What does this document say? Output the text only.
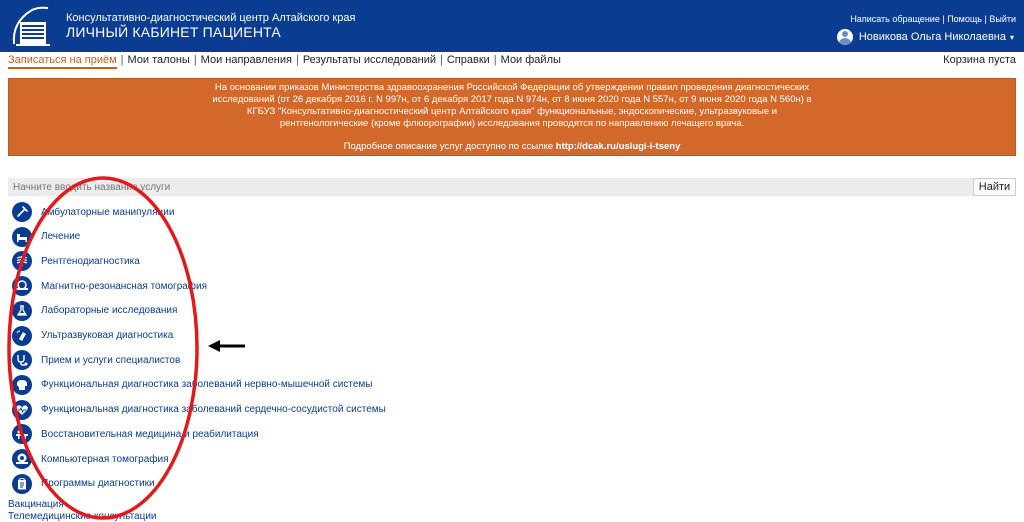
Консультативно-диагностический центр Алтайского края
ЛИЧНЫЙ КАБИНЕТ ПАЦИЕНТА
Написать обращение | Помощь | Выйти
Новикова Ольга Николаевна ▾
Записаться на приём | Мои талоны | Мои направления | Результаты исследований | Справки | Мои файлы	Корзина пуста
На основании приказов Министерства здравоохранения Российской Федерации об утверждении правил проведения диагностических
исследований (от 26 декабря 2016 г. N 997н, от 6 декабря 2017 года N 974н, от 8 июня 2020 года N 557н, от 9 июня 2020 года N 560н) в
КГБУЗ "Консультативно-диагностический центр Алтайского края" функциональные, эндоскопические, ультразвуковые и
рентгенологические (кроме флюорографии) исследования проводятся по направлению лечащего врача.
Подробное описание услуг доступно по ссылке http://dcak.ru/uslugi-i-tseny
Начните вводить название услуги
Найти
Амбулаторные манипуляции
Лечение
Рентгенодиагностика
Магнитно-резонансная томография
Лабораторные исследования
Ультразвуковая диагностика
Прием и услуги специалистов
Функциональная диагностика заболеваний нервно-мышечной системы
Функциональная диагностика заболеваний сердечно-сосудистой системы
Восстановительная медицина и реабилитация
Компьютерная томография
Программы диагностики
Вакцинация
Телемедицинские консультации
